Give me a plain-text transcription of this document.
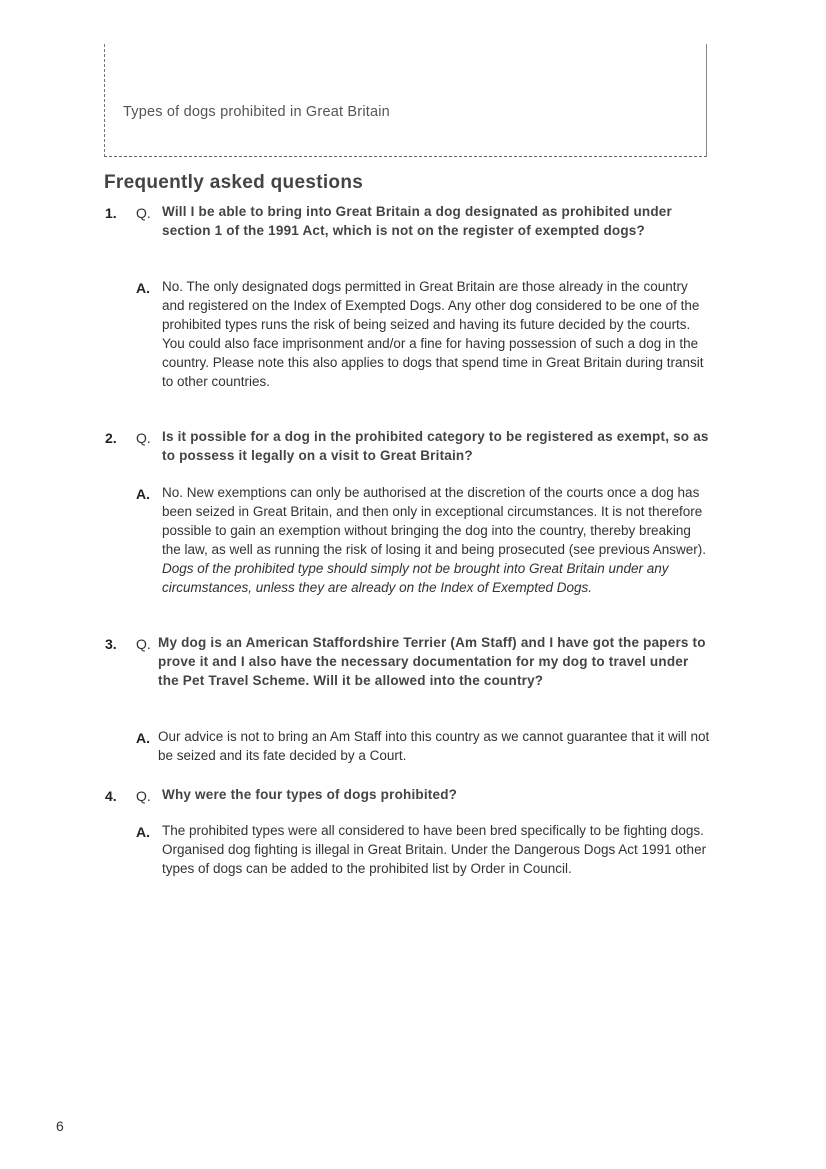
Types of dogs prohibited in Great Britain
Frequently asked questions
1. Q. Will I be able to bring into Great Britain a dog designated as prohibited under section 1 of the 1991 Act, which is not on the register of exempted dogs?
A. No. The only designated dogs permitted in Great Britain are those already in the country and registered on the Index of Exempted Dogs. Any other dog considered to be one of the prohibited types runs the risk of being seized and having its future decided by the courts. You could also face imprisonment and/or a fine for having possession of such a dog in the country. Please note this also applies to dogs that spend time in Great Britain during transit to other countries.
2. Q. Is it possible for a dog in the prohibited category to be registered as exempt, so as to possess it legally on a visit to Great Britain?
A. No. New exemptions can only be authorised at the discretion of the courts once a dog has been seized in Great Britain, and then only in exceptional circumstances. It is not therefore possible to gain an exemption without bringing the dog into the country, thereby breaking the law, as well as running the risk of losing it and being prosecuted (see previous Answer). Dogs of the prohibited type should simply not be brought into Great Britain under any circumstances, unless they are already on the Index of Exempted Dogs.
3. Q. My dog is an American Staffordshire Terrier (Am Staff) and I have got the papers to prove it and I also have the necessary documentation for my dog to travel under the Pet Travel Scheme. Will it be allowed into the country?
A. Our advice is not to bring an Am Staff into this country as we cannot guarantee that it will not be seized and its fate decided by a Court.
4. Q. Why were the four types of dogs prohibited?
A. The prohibited types were all considered to have been bred specifically to be fighting dogs. Organised dog fighting is illegal in Great Britain. Under the Dangerous Dogs Act 1991 other types of dogs can be added to the prohibited list by Order in Council.
6
